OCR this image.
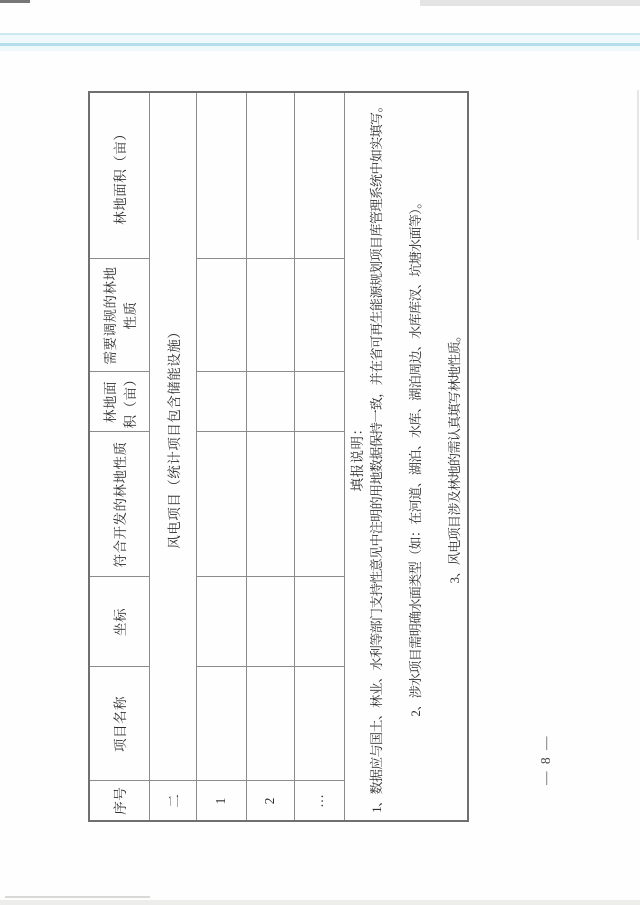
序号	项目名称	坐标	符合开发的林地性质	林地面积（亩）	需要调规的林地性质	林地面积（亩）
二	风电项目（统计项目包含储能设施）					
1						
2						
…						

填报说明： 1、数据应与国土、林业、水利等部门支持性意见中注明的用地数据保持一致，并在省可再生能源规划项目库管理系统中如实填写。 2、涉水项目需明确水面类型（如：在河道、湖泊、水库、湖泊周边、水库库汊、坑塘水面等）。 3、风电项目涉及林地的需认真填写林地性质。						
— 8 —
